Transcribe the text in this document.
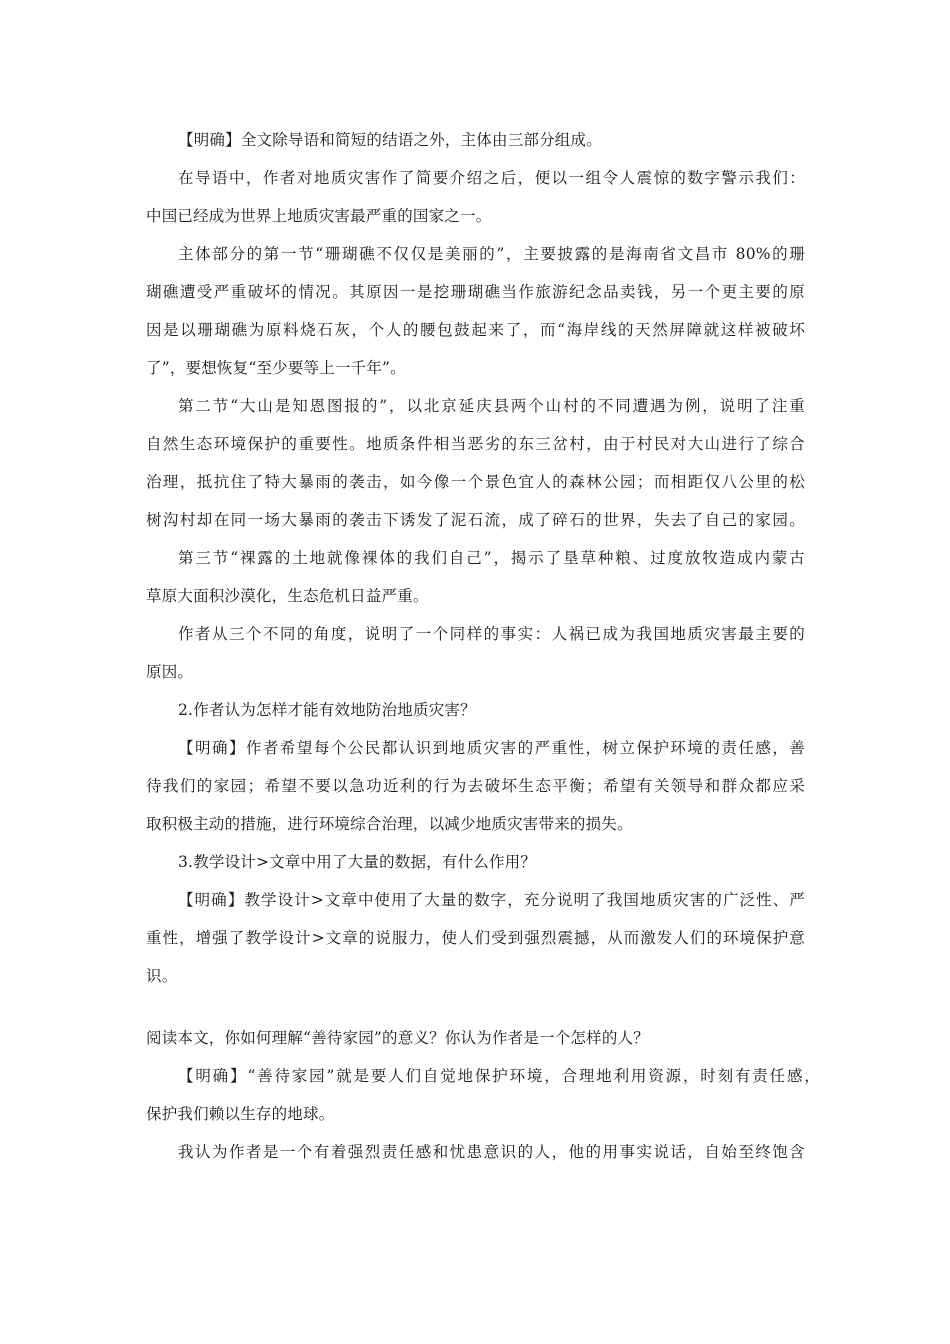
【明确】全文除导语和简短的结语之外，主体由三部分组成。
在导语中，作者对地质灾害作了简要介绍之后，便以一组令人震惊的数字警示我们：
中国已经成为世界上地质灾害最严重的国家之一。
主体部分的第一节“珊瑚礁不仅仅是美丽的”，主要披露的是海南省文昌市 80%的珊
瑚礁遭受严重破坏的情况。其原因一是挖珊瑚礁当作旅游纪念品卖钱，另一个更主要的原
因是以珊瑚礁为原料烧石灰，个人的腰包鼓起来了，而“海岸线的天然屏障就这样被破坏
了”，要想恢复“至少要等上一千年”。
第二节“大山是知恩图报的”，以北京延庆县两个山村的不同遭遇为例，说明了注重
自然生态环境保护的重要性。地质条件相当恶劣的东三岔村，由于村民对大山进行了综合
治理，抵抗住了特大暴雨的袭击，如今像一个景色宜人的森林公园；而相距仅八公里的松
树沟村却在同一场大暴雨的袭击下诱发了泥石流，成了碎石的世界，失去了自己的家园。
第三节“裸露的土地就像裸体的我们自己”，揭示了垦草种粮、过度放牧造成内蒙古
草原大面积沙漠化，生态危机日益严重。
作者从三个不同的角度，说明了一个同样的事实：人祸已成为我国地质灾害最主要的
原因。
2.作者认为怎样才能有效地防治地质灾害？
【明确】作者希望每个公民都认识到地质灾害的严重性，树立保护环境的责任感，善
待我们的家园；希望不要以急功近利的行为去破坏生态平衡；希望有关领导和群众都应采
取积极主动的措施，进行环境综合治理，以减少地质灾害带来的损失。
3.教学设计>文章中用了大量的数据，有什么作用？
【明确】教学设计>文章中使用了大量的数字，充分说明了我国地质灾害的广泛性、严
重性，增强了教学设计>文章的说服力，使人们受到强烈震撼，从而激发人们的环境保护意
识。
阅读本文，你如何理解“善待家园”的意义？你认为作者是一个怎样的人？
【明确】“善待家园”就是要人们自觉地保护环境，合理地利用资源，时刻有责任感，
保护我们赖以生存的地球。
我认为作者是一个有着强烈责任感和忧患意识的人，他的用事实说话，自始至终饱含
